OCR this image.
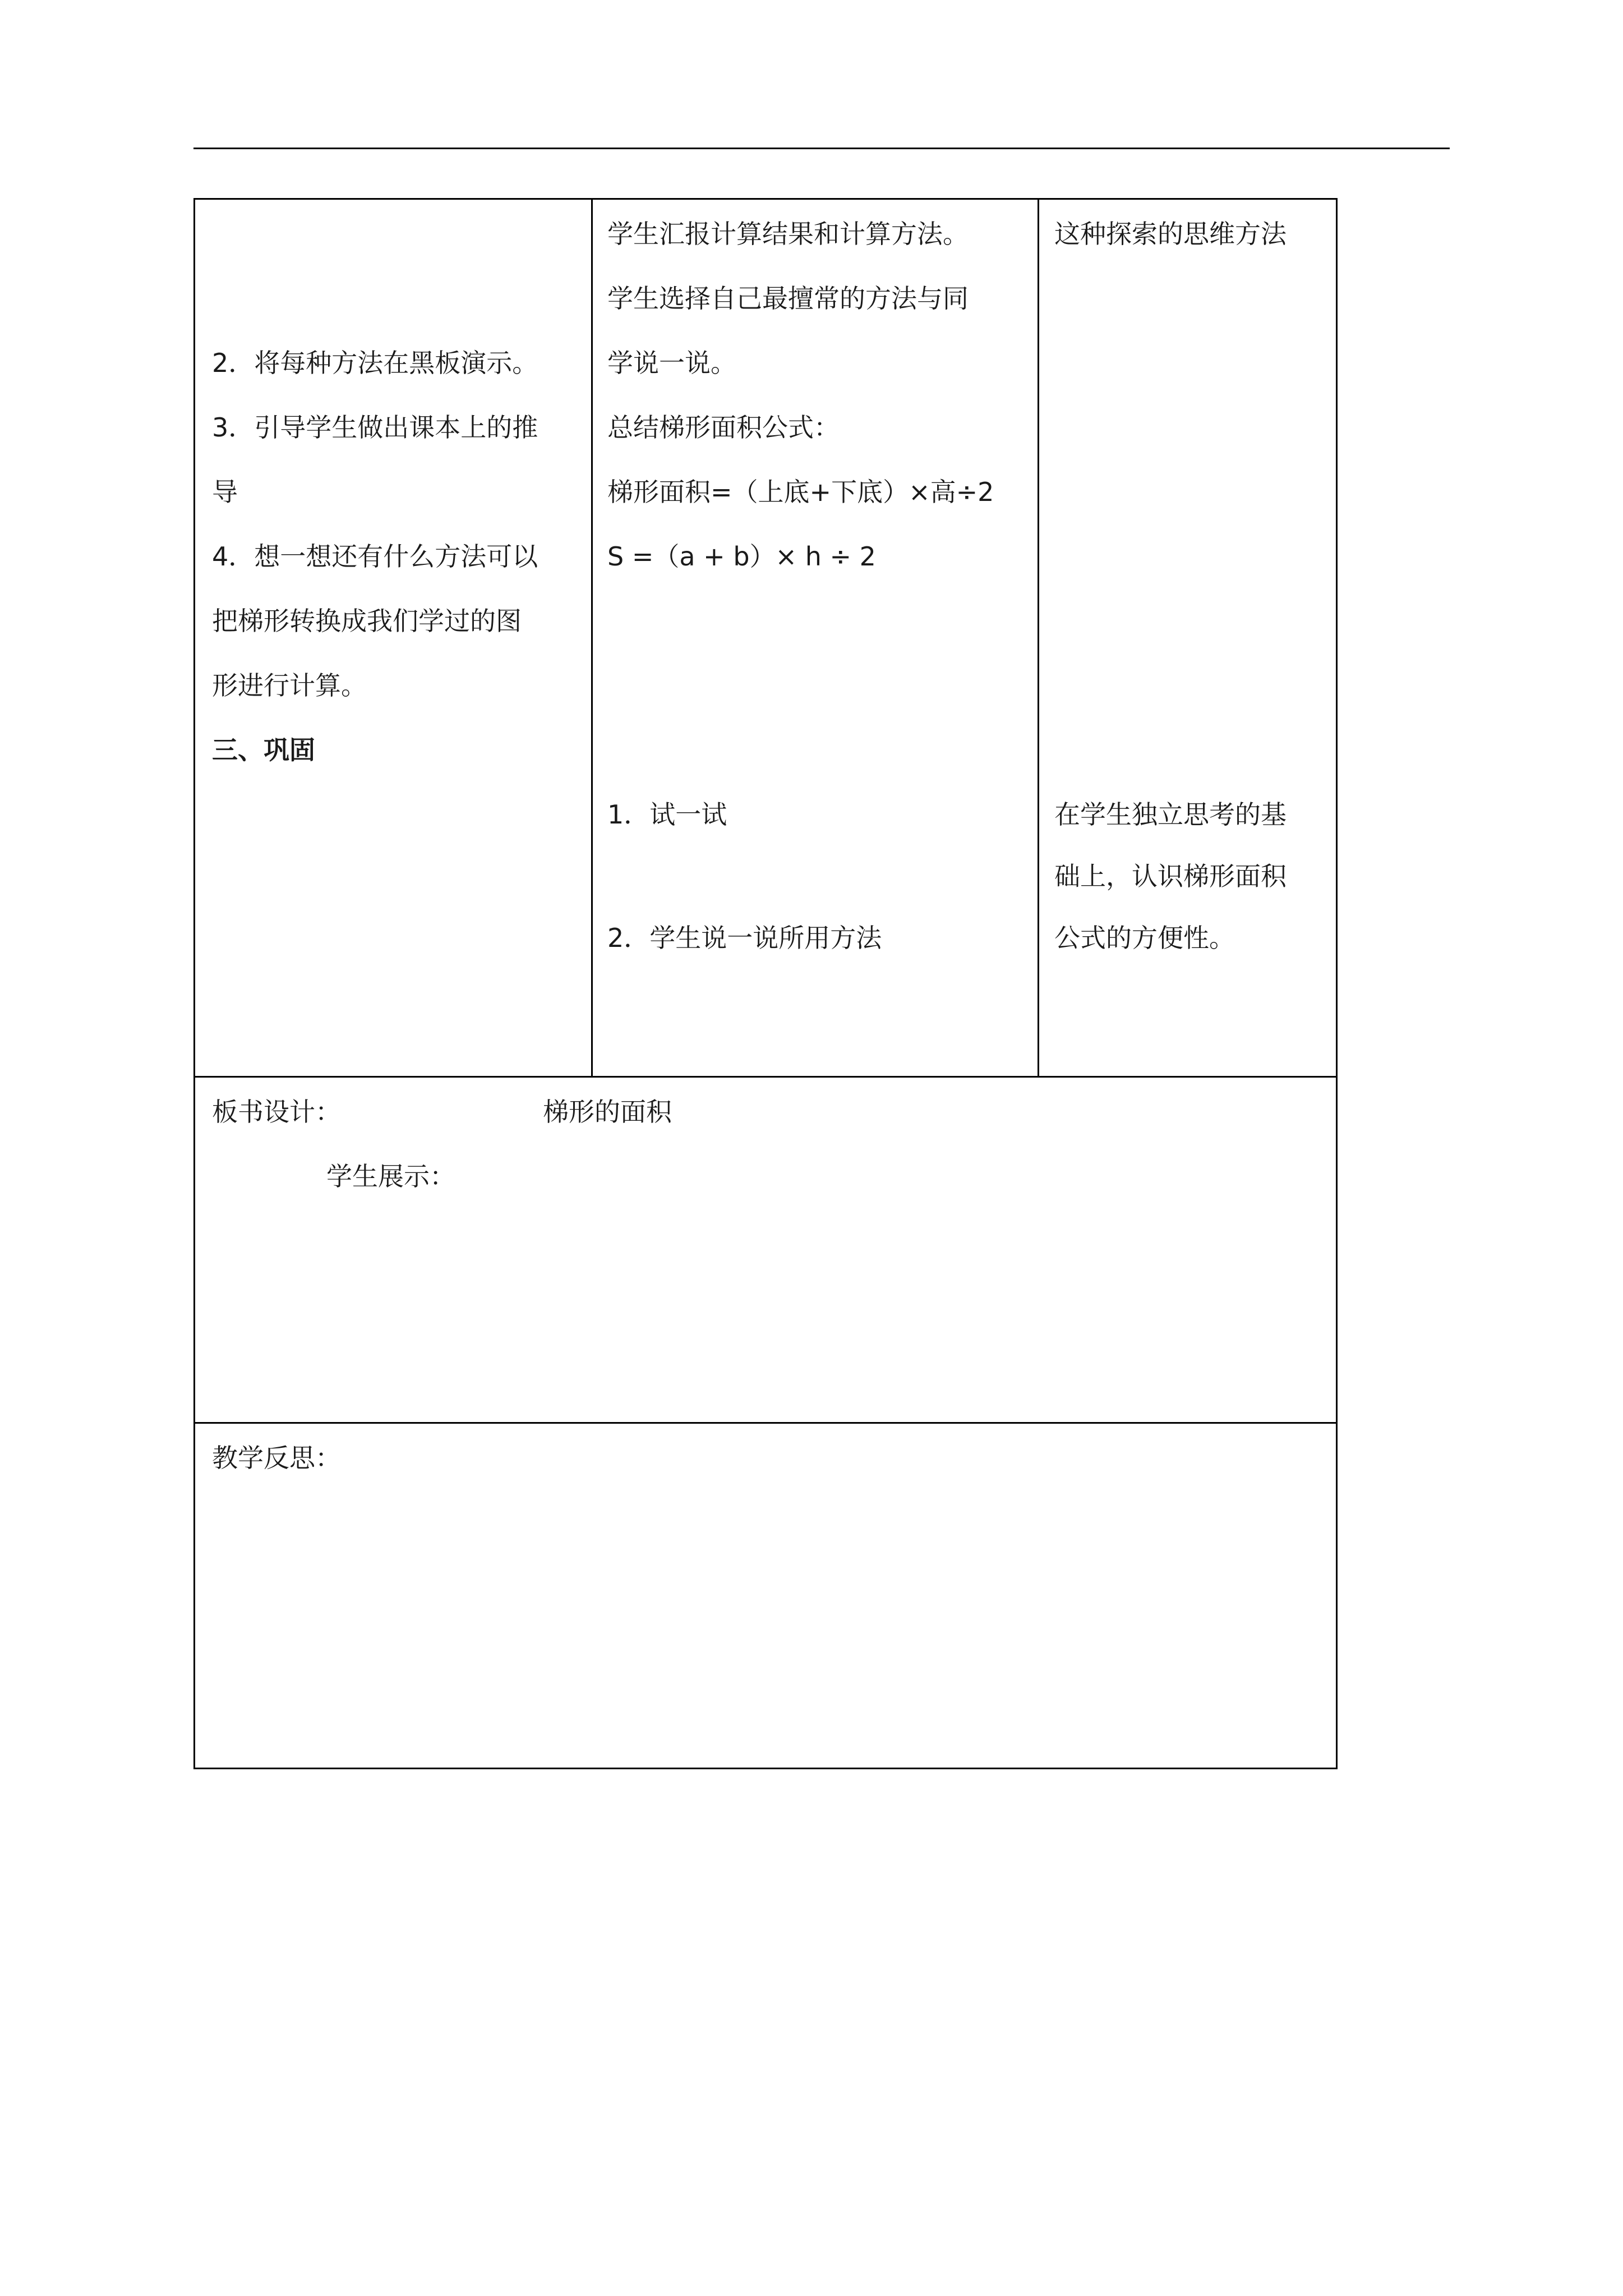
2．将每种方法在黑板演示。
3．引导学生做出课本上的推
导
4．想一想还有什么方法可以
把梯形转换成我们学过的图
形进行计算。
三、巩固
学生汇报计算结果和计算方法。
学生选择自己最擅常的方法与同
学说一说。
总结梯形面积公式：
梯形面积=（上底+下底）×高÷2
S =（a + b）× h ÷ 2
1．试一试
2．学生说一说所用方法
这种探索的思维方法
在学生独立思考的基
础上，认识梯形面积
公式的方便性。
板书设计：	梯形的面积
学生展示：
教学反思：
